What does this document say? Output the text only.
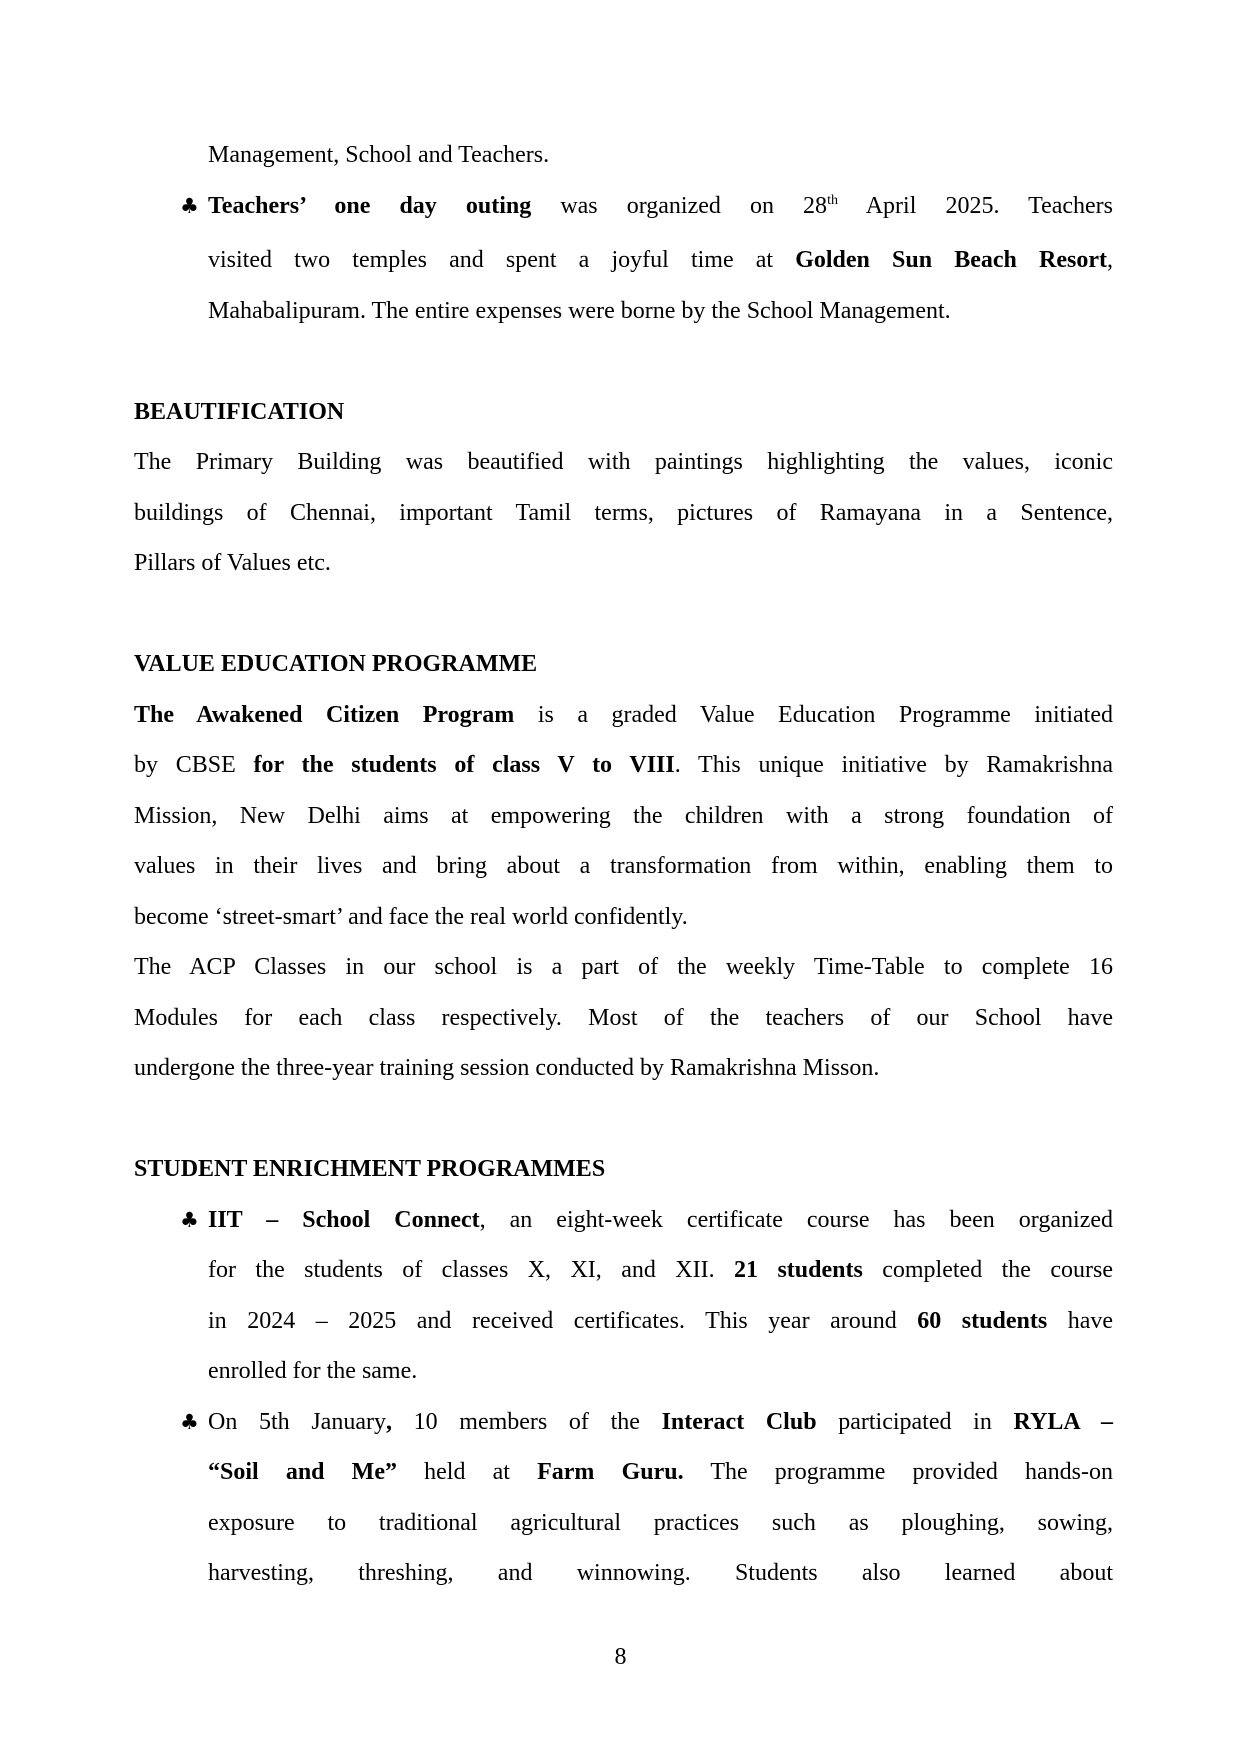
Management, School and Teachers.
♣ Teachers’ one day outing was organized on 28th April 2025. Teachers
visited two temples and spent a joyful time at Golden Sun Beach Resort,
Mahabalipuram. The entire expenses were borne by the School Management.
BEAUTIFICATION
The Primary Building was beautified with paintings highlighting the values, iconic
buildings of Chennai, important Tamil terms, pictures of Ramayana in a Sentence,
Pillars of Values etc.
VALUE EDUCATION PROGRAMME
The Awakened Citizen Program is a graded Value Education Programme initiated
by CBSE for the students of class V to VIII. This unique initiative by Ramakrishna
Mission, New Delhi aims at empowering the children with a strong foundation of
values in their lives and bring about a transformation from within, enabling them to
become ‘street-smart’ and face the real world confidently.
The ACP Classes in our school is a part of the weekly Time-Table to complete 16
Modules for each class respectively. Most of the teachers of our School have
undergone the three-year training session conducted by Ramakrishna Misson.
STUDENT ENRICHMENT PROGRAMMES
♣ IIT – School Connect, an eight-week certificate course has been organized
for the students of classes X, XI, and XII. 21 students completed the course
in 2024 – 2025 and received certificates. This year around 60 students have
enrolled for the same.
♣ On 5th January, 10 members of the Interact Club participated in RYLA –
“Soil and Me” held at Farm Guru. The programme provided hands-on
exposure to traditional agricultural practices such as ploughing, sowing,
harvesting, threshing, and winnowing. Students also learned about
8
